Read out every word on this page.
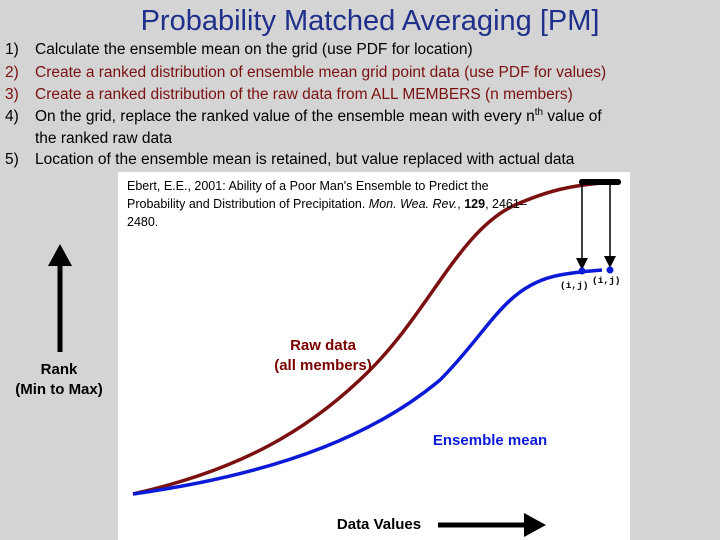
Probability Matched Averaging [PM]
1) Calculate the ensemble mean on the grid (use PDF for location)
2) Create a ranked distribution of ensemble mean grid point data (use PDF for values)
3) Create a ranked distribution of the raw data from ALL MEMBERS (n members)
4) On the grid, replace the ranked value of the ensemble mean with every $n^{th}$ value of
the ranked raw data
5) Location of the ensemble mean is retained, but value replaced with actual data
(i,j) (i,j)
Ebert, E.E., 2001: Ability of a Poor Man's Ensemble to Predict the Probability and Distribution of Precipitation. Mon. Wea. Rev., 129, 2461–2480.
Rank
(Min to Max)
Raw data
(all members)
Ensemble mean
Data Values
